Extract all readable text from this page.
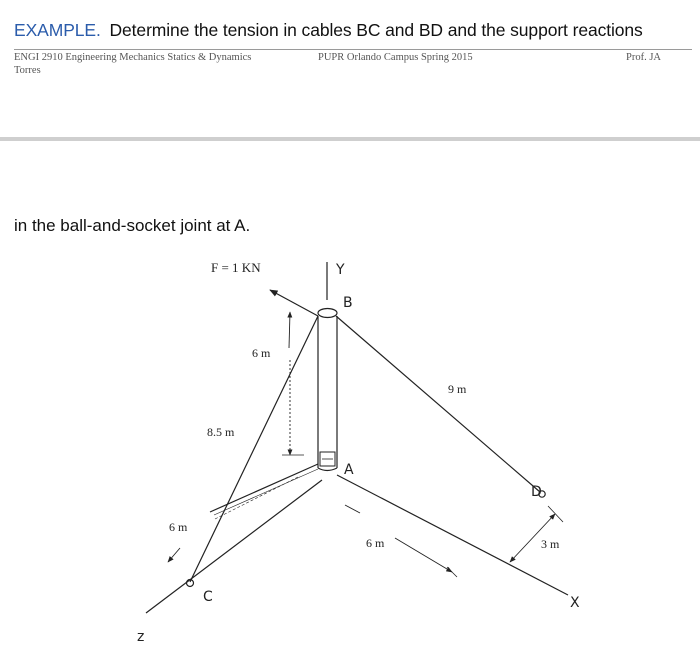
EXAMPLE. Determine the tension in cables BC and BD and the support reactions
ENGI 2910 Engineering Mechanics Statics & Dynamics	PUPR Orlando Campus Spring 2015	Prof. JA
Torres
in the ball-and-socket joint at A.
F = 1 KN
6 m
8.5 m
6 m
6 m
9 m
3 m
A
B
C
D
X
Y
z
